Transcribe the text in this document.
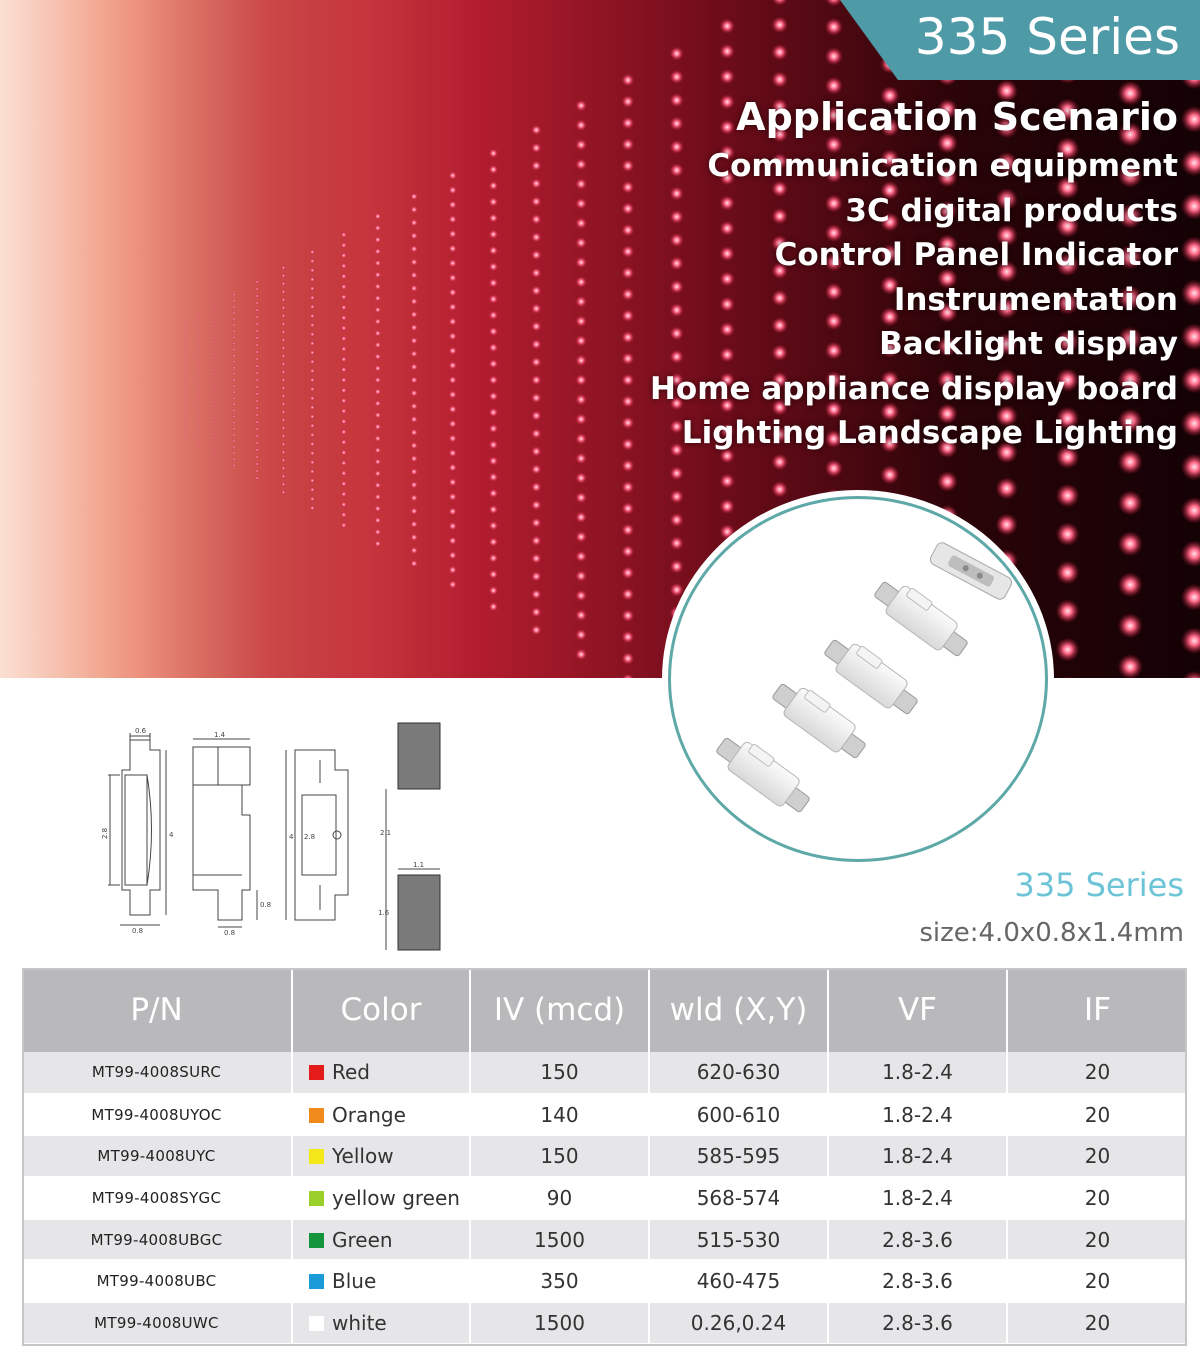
335 Series
Application Scenario
Communication equipment
3C digital products
Control Panel Indicator
Instrumentation
Backlight display
Home appliance display board
Lighting Landscape Lighting
0.6
2.8	4
0.8
1.4
0.8
0.8
4 2.8	2.1
1.1
1.6
335 Series
size:4.0x0.8x1.4mm
P/N	Color	IV (mcd)	wld (X,Y)	VF	IF
MT99-4008SURC	Red	150	620-630	1.8-2.4	20
MT99-4008UYOC	Orange	140	600-610	1.8-2.4	20
MT99-4008UYC	Yellow	150	585-595	1.8-2.4	20
MT99-4008SYGC	yellow green	90	568-574	1.8-2.4	20
MT99-4008UBGC	Green	1500	515-530	2.8-3.6	20
MT99-4008UBC	Blue	350	460-475	2.8-3.6	20
MT99-4008UWC	white	1500	0.26,0.24	2.8-3.6	20
